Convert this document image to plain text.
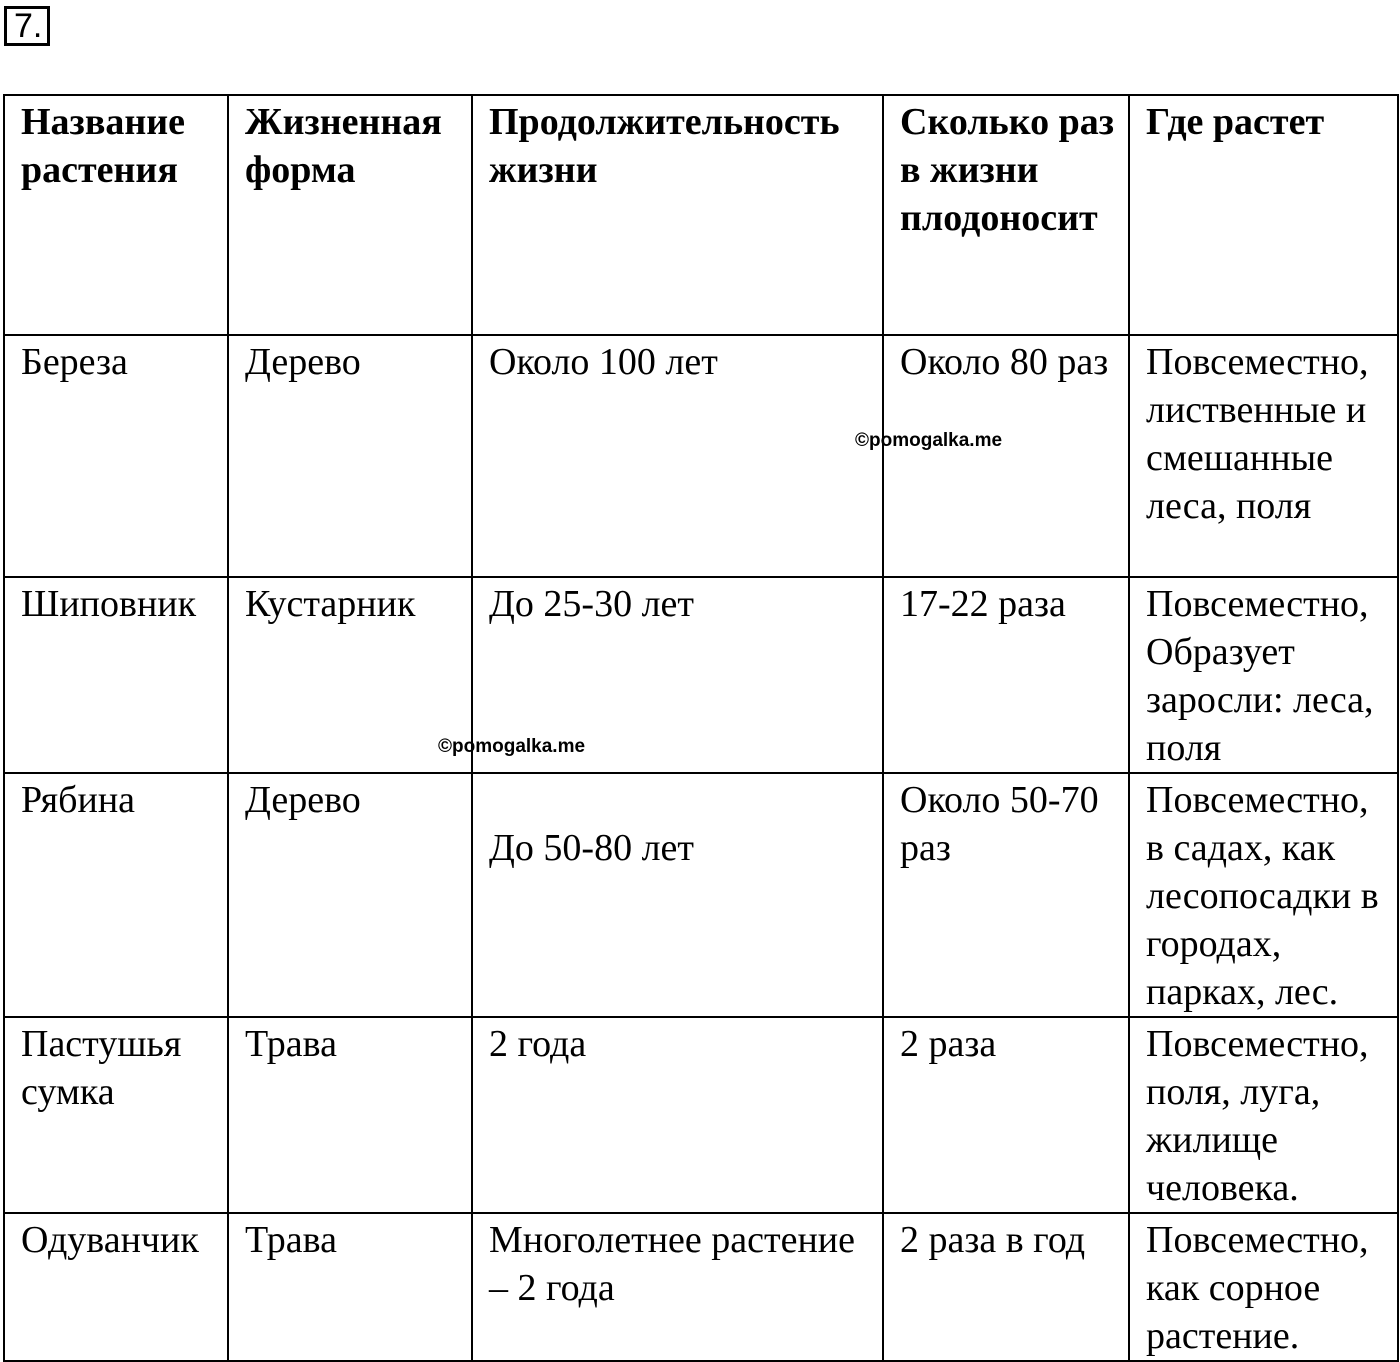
7.
Название растения	Жизненная форма	Продолжительность жизни	Сколько раз в жизни плодоносит	Где растет
Береза	Дерево	Около 100 лет	Около 80 раз	Повсеместно, лиственные и смешанные леса, поля
Шиповник	Кустарник	До 25-30 лет	17-22 раза	Повсеместно, Образует заросли: леса, поля
Рябина	Дерево	До 50-80 лет	Около 50-70 раз	Повсеместно, в садах, как лесопосадки в городах, парках, лес.
Пастушья сумка	Трава	2 года	2 раза	Повсеместно, поля, луга, жилище человека.
Одуванчик	Трава	Многолетнее растение – 2 года	2 раза в год	Повсеместно, как сорное растение.
©pomogalka.me
©pomogalka.me
